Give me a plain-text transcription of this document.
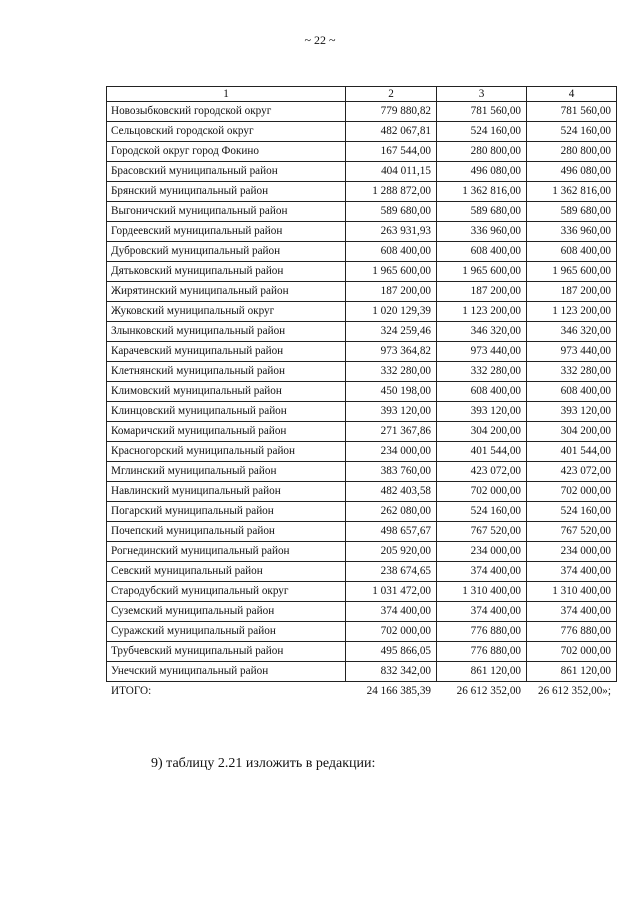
~ 22 ~
1	2	3	4
Новозыбковский городской округ	779 880,82	781 560,00	781 560,00
Сельцовский городской округ	482 067,81	524 160,00	524 160,00
Городской округ город Фокино	167 544,00	280 800,00	280 800,00
Брасовский муниципальный район	404 011,15	496 080,00	496 080,00
Брянский муниципальный район	1 288 872,00	1 362 816,00	1 362 816,00
Выгоничский муниципальный район	589 680,00	589 680,00	589 680,00
Гордеевский муниципальный район	263 931,93	336 960,00	336 960,00
Дубровский муниципальный район	608 400,00	608 400,00	608 400,00
Дятьковский муниципальный район	1 965 600,00	1 965 600,00	1 965 600,00
Жирятинский муниципальный район	187 200,00	187 200,00	187 200,00
Жуковский муниципальный округ	1 020 129,39	1 123 200,00	1 123 200,00
Злынковский муниципальный район	324 259,46	346 320,00	346 320,00
Карачевский муниципальный район	973 364,82	973 440,00	973 440,00
Клетнянский муниципальный район	332 280,00	332 280,00	332 280,00
Климовский муниципальный район	450 198,00	608 400,00	608 400,00
Клинцовский муниципальный район	393 120,00	393 120,00	393 120,00
Комаричский муниципальный район	271 367,86	304 200,00	304 200,00
Красногорский муниципальный район	234 000,00	401 544,00	401 544,00
Мглинский муниципальный район	383 760,00	423 072,00	423 072,00
Навлинский муниципальный район	482 403,58	702 000,00	702 000,00
Погарский муниципальный район	262 080,00	524 160,00	524 160,00
Почепский муниципальный район	498 657,67	767 520,00	767 520,00
Рогнединский муниципальный район	205 920,00	234 000,00	234 000,00
Севский муниципальный район	238 674,65	374 400,00	374 400,00
Стародубский муниципальный округ	1 031 472,00	1 310 400,00	1 310 400,00
Суземский муниципальный район	374 400,00	374 400,00	374 400,00
Суражский муниципальный район	702 000,00	776 880,00	776 880,00
Трубчевский муниципальный район	495 866,05	776 880,00	702 000,00
Унечский муниципальный район	832 342,00	861 120,00	861 120,00
ИТОГО:	24 166 385,39	26 612 352,00	26 612 352,00»;
9) таблицу 2.21 изложить в редакции:
